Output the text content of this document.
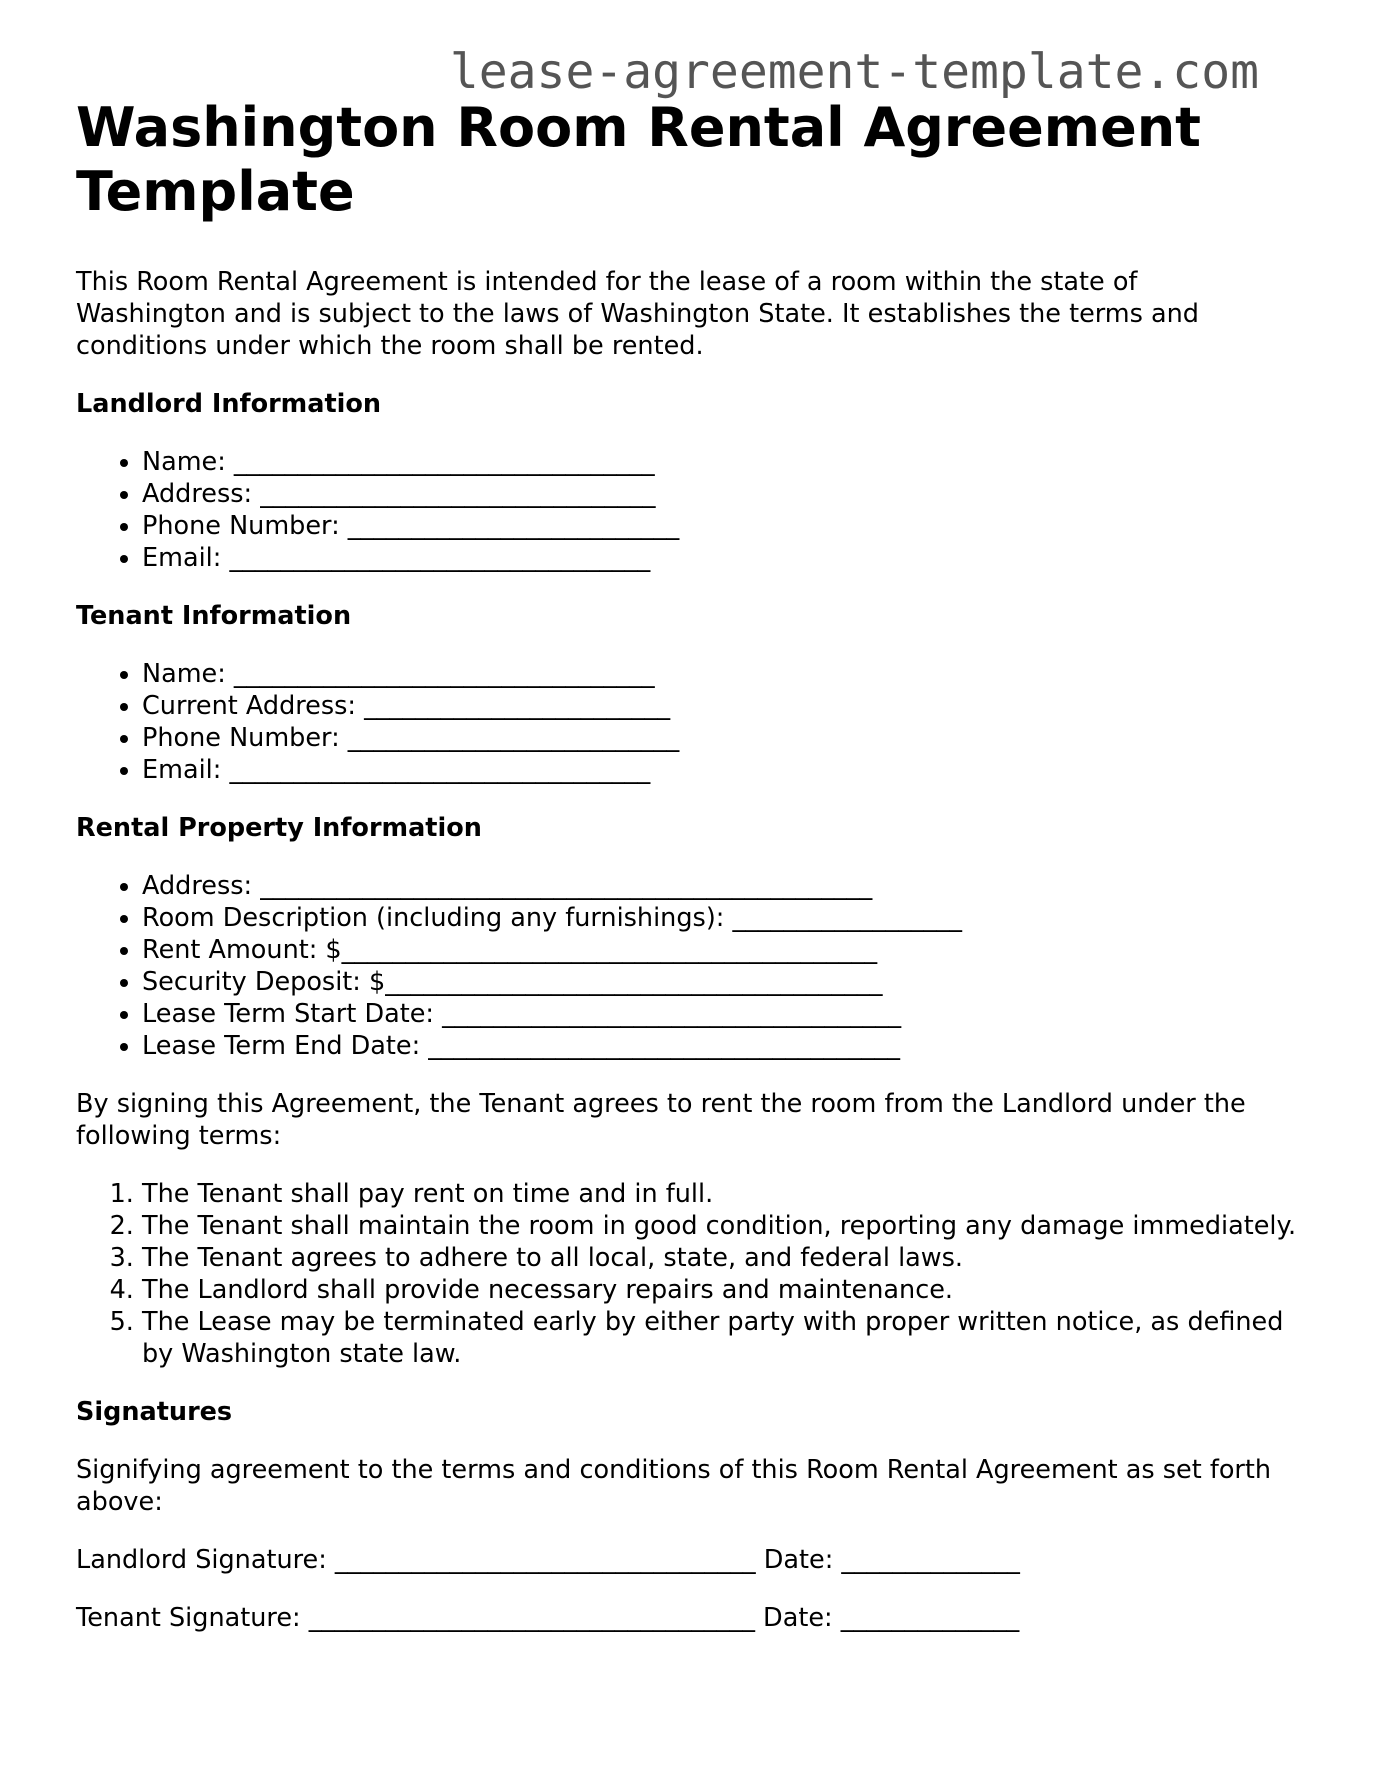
lease-agreement-template.com
Washington Room Rental Agreement Template

This Room Rental Agreement is intended for the lease of a room within the state of Washington and is subject to the laws of Washington State. It establishes the terms and conditions under which the room shall be rented.

Landlord Information
• Name: _________________________________
• Address: _______________________________
• Phone Number: __________________________
• Email: _________________________________
Tenant Information
• Name: _________________________________
• Current Address: ________________________
• Phone Number: __________________________
• Email: _________________________________
Rental Property Information
• Address: ________________________________________________
• Room Description (including any furnishings): __________________
• Rent Amount: $__________________________________________
• Security Deposit: $_______________________________________
• Lease Term Start Date: ____________________________________
• Lease Term End Date: _____________________________________

By signing this Agreement, the Tenant agrees to rent the room from the Landlord under the following terms:

1. The Tenant shall pay rent on time and in full.
2. The Tenant shall maintain the room in good condition, reporting any damage immediately.
3. The Tenant agrees to adhere to all local, state, and federal laws.
4. The Landlord shall provide necessary repairs and maintenance.
5. The Lease may be terminated early by either party with proper written notice, as defined by Washington state law.
Signatures

Signifying agreement to the terms and conditions of this Room Rental Agreement as set forth above:

Landlord Signature: _________________________________ Date: ______________
Tenant Signature: ___________________________________ Date: ______________
